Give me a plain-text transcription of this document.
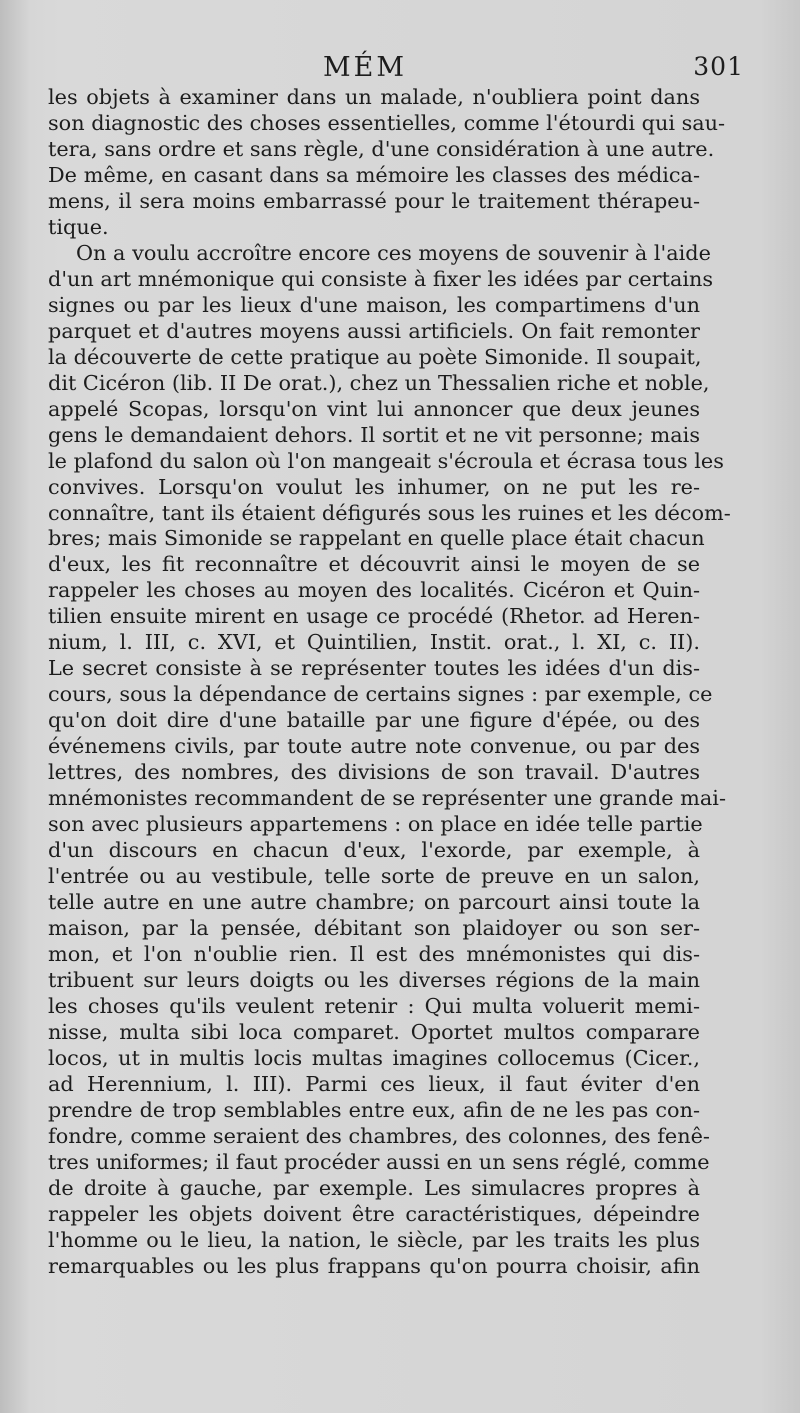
MÉM	301
les objets à examiner dans un malade, n'oubliera point dans
son diagnostic des choses essentielles, comme l'étourdi qui sau-
tera, sans ordre et sans règle, d'une considération à une autre.
De même, en casant dans sa mémoire les classes des médica-
mens, il sera moins embarrassé pour le traitement thérapeu-
tique.
On a voulu accroître encore ces moyens de souvenir à l'aide
d'un art mnémonique qui consiste à fixer les idées par certains
signes ou par les lieux d'une maison, les compartimens d'un
parquet et d'autres moyens aussi artificiels. On fait remonter
la découverte de cette pratique au poète Simonide. Il soupait,
dit Cicéron (lib. II De orat.), chez un Thessalien riche et noble,
appelé Scopas, lorsqu'on vint lui annoncer que deux jeunes
gens le demandaient dehors. Il sortit et ne vit personne; mais
le plafond du salon où l'on mangeait s'écroula et écrasa tous les
convives. Lorsqu'on voulut les inhumer, on ne put les re-
connaître, tant ils étaient défigurés sous les ruines et les décom-
bres; mais Simonide se rappelant en quelle place était chacun
d'eux, les fit reconnaître et découvrit ainsi le moyen de se
rappeler les choses au moyen des localités. Cicéron et Quin-
tilien ensuite mirent en usage ce procédé (Rhetor. ad Heren-
nium, l. III, c. XVI, et Quintilien, Instit. orat., l. XI, c. II).
Le secret consiste à se représenter toutes les idées d'un dis-
cours, sous la dépendance de certains signes : par exemple, ce
qu'on doit dire d'une bataille par une figure d'épée, ou des
événemens civils, par toute autre note convenue, ou par des
lettres, des nombres, des divisions de son travail. D'autres
mnémonistes recommandent de se représenter une grande mai-
son avec plusieurs appartemens : on place en idée telle partie
d'un discours en chacun d'eux, l'exorde, par exemple, à
l'entrée ou au vestibule, telle sorte de preuve en un salon,
telle autre en une autre chambre; on parcourt ainsi toute la
maison, par la pensée, débitant son plaidoyer ou son ser-
mon, et l'on n'oublie rien. Il est des mnémonistes qui dis-
tribuent sur leurs doigts ou les diverses régions de la main
les choses qu'ils veulent retenir : Qui multa voluerit memi-
nisse, multa sibi loca comparet. Oportet multos comparare
locos, ut in multis locis multas imagines collocemus (Cicer.,
ad Herennium, l. III). Parmi ces lieux, il faut éviter d'en
prendre de trop semblables entre eux, afin de ne les pas con-
fondre, comme seraient des chambres, des colonnes, des fenê-
tres uniformes; il faut procéder aussi en un sens réglé, comme
de droite à gauche, par exemple. Les simulacres propres à
rappeler les objets doivent être caractéristiques, dépeindre
l'homme ou le lieu, la nation, le siècle, par les traits les plus
remarquables ou les plus frappans qu'on pourra choisir, afin
